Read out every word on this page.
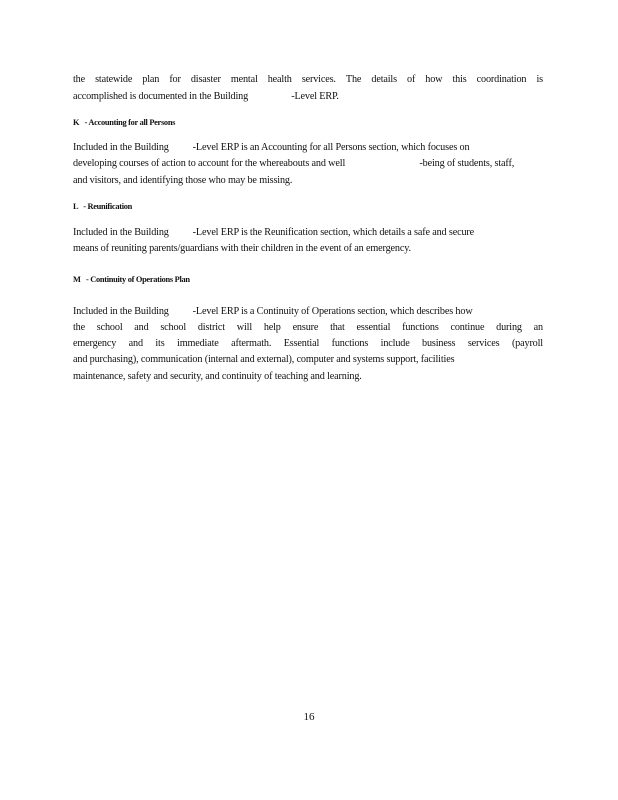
the statewide plan for disaster mental health services. The details of how this coordination is
accomplished is documented in the Building                  -Level ERP.
K   - Accounting for all Persons
Included in the Building          -Level ERP is an Accounting for all Persons section, which focuses on
developing courses of action to account for the whereabouts and well                               -being of students, staff,
and visitors, and identifying those who may be missing.
L   - Reunification
Included in the Building          -Level ERP is the Reunification section, which details a safe and secure
means of reuniting parents/guardians with their children in the event of an emergency.
M   - Continuity of Operations Plan
Included in the Building          -Level ERP is a Continuity of Operations section, which describes how
the school and school district will help ensure that essential functions continue during an
emergency and its immediate aftermath. Essential functions include business services (payroll
and purchasing), communication (internal and external), computer and systems support, facilities
maintenance, safety and security, and continuity of teaching and learning.
16
